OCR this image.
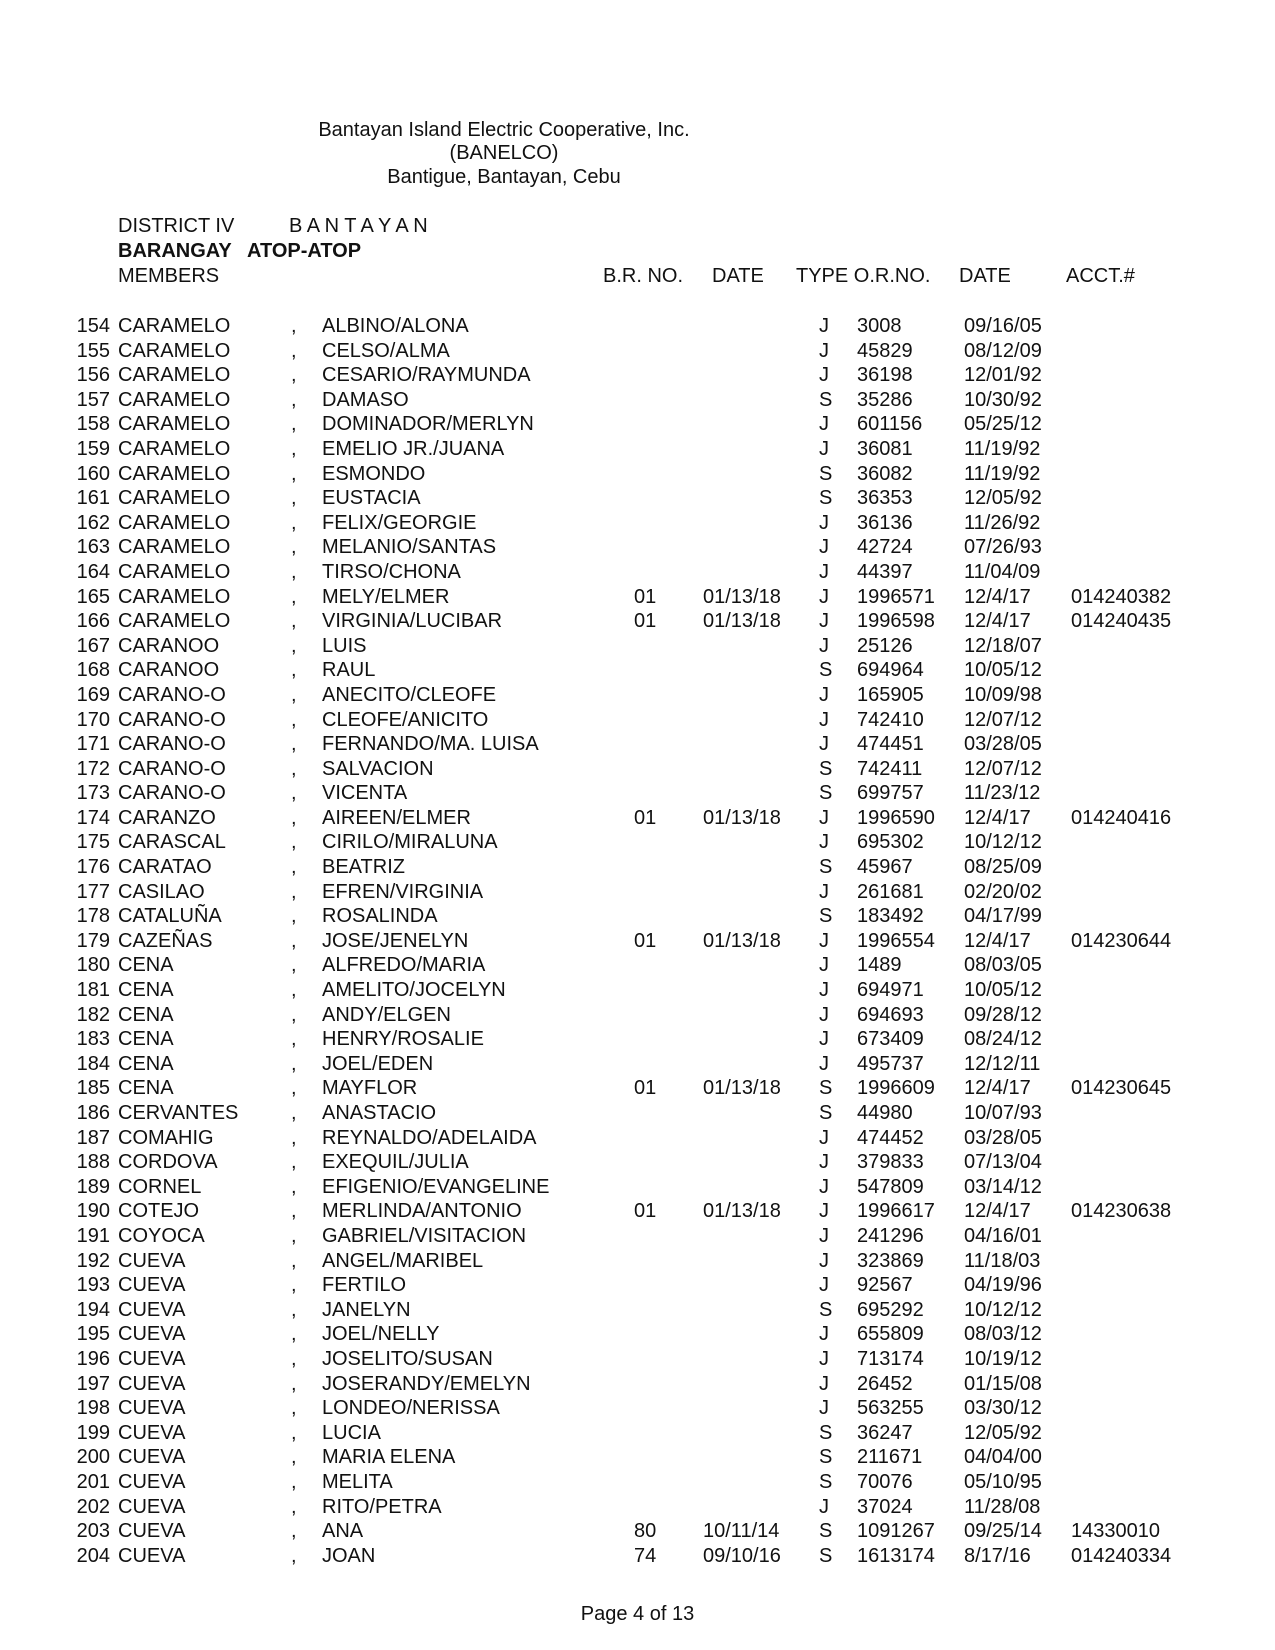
Bantayan Island Electric Cooperative, Inc.
(BANELCO)
Bantigue, Bantayan, Cebu
DISTRICT IV	B A N T A Y A N
BARANGAY ATOP-ATOP
MEMBERS	B.R. NO. DATE TYPE O.R.NO. DATE	ACCT.#
154 CARAMELO	, ALBINO/ALONA	J 3008	09/16/05
155 CARAMELO	, CELSO/ALMA	J 45829	08/12/09
156 CARAMELO	, CESARIO/RAYMUNDA	J 36198	12/01/92
157 CARAMELO	, DAMASO	S 35286	10/30/92
158 CARAMELO	, DOMINADOR/MERLYN	J 601156 05/25/12
159 CARAMELO	, EMELIO JR./JUANA	J 36081	11/19/92
160 CARAMELO	, ESMONDO	S 36082	11/19/92
161 CARAMELO	, EUSTACIA	S 36353	12/05/92
162 CARAMELO	, FELIX/GEORGIE	J 36136	11/26/92
163 CARAMELO	, MELANIO/SANTAS	J 42724	07/26/93
164 CARAMELO	, TIRSO/CHONA	J 44397	11/04/09
165 CARAMELO	, MELY/ELMER	01 01/13/18 J 1996571 12/4/17 014240382
166 CARAMELO	, VIRGINIA/LUCIBAR	01 01/13/18 J 1996598 12/4/17 014240435
167 CARANOO	, LUIS	J 25126	12/18/07
168 CARANOO	, RAUL	S 694964 10/05/12
169 CARANO-O	, ANECITO/CLEOFE	J 165905 10/09/98
170 CARANO-O	, CLEOFE/ANICITO	J 742410 12/07/12
171 CARANO-O	, FERNANDO/MA. LUISA	J 474451 03/28/05
172 CARANO-O	, SALVACION	S 742411 12/07/12
173 CARANO-O	, VICENTA	S 699757 11/23/12
174 CARANZO	, AIREEN/ELMER	01 01/13/18 J 1996590 12/4/17 014240416
175 CARASCAL	, CIRILO/MIRALUNA	J 695302 10/12/12
176 CARATAO	, BEATRIZ	S 45967	08/25/09
177 CASILAO	, EFREN/VIRGINIA	J 261681 02/20/02
178 CATALUÑA	, ROSALINDA	S 183492 04/17/99
179 CAZEÑAS	, JOSE/JENELYN	01 01/13/18 J 1996554 12/4/17 014230644
180 CENA	, ALFREDO/MARIA	J 1489	08/03/05
181 CENA	, AMELITO/JOCELYN	J 694971 10/05/12
182 CENA	, ANDY/ELGEN	J 694693 09/28/12
183 CENA	, HENRY/ROSALIE	J 673409 08/24/12
184 CENA	, JOEL/EDEN	J 495737 12/12/11
185 CENA	, MAYFLOR	01 01/13/18 S 1996609 12/4/17 014230645
186 CERVANTES	, ANASTACIO	S 44980	10/07/93
187 COMAHIG	, REYNALDO/ADELAIDA	J 474452 03/28/05
188 CORDOVA	, EXEQUIL/JULIA	J 379833 07/13/04
189 CORNEL	, EFIGENIO/EVANGELINE	J 547809 03/14/12
190 COTEJO	, MERLINDA/ANTONIO	01 01/13/18 J 1996617 12/4/17 014230638
191 COYOCA	, GABRIEL/VISITACION	J 241296 04/16/01
192 CUEVA	, ANGEL/MARIBEL	J 323869 11/18/03
193 CUEVA	, FERTILO	J 92567	04/19/96
194 CUEVA	, JANELYN	S 695292 10/12/12
195 CUEVA	, JOEL/NELLY	J 655809 08/03/12
196 CUEVA	, JOSELITO/SUSAN	J 713174 10/19/12
197 CUEVA	, JOSERANDY/EMELYN	J 26452	01/15/08
198 CUEVA	, LONDEO/NERISSA	J 563255 03/30/12
199 CUEVA	, LUCIA	S 36247	12/05/92
200 CUEVA	, MARIA ELENA	S 211671 04/04/00
201 CUEVA	, MELITA	S 70076	05/10/95
202 CUEVA	, RITO/PETRA	J 37024	11/28/08
203 CUEVA	, ANA	80 10/11/14 S 1091267 09/25/14 14330010
204 CUEVA	, JOAN	74 09/10/16 S 1613174 8/17/16 014240334
Page 4 of 13
